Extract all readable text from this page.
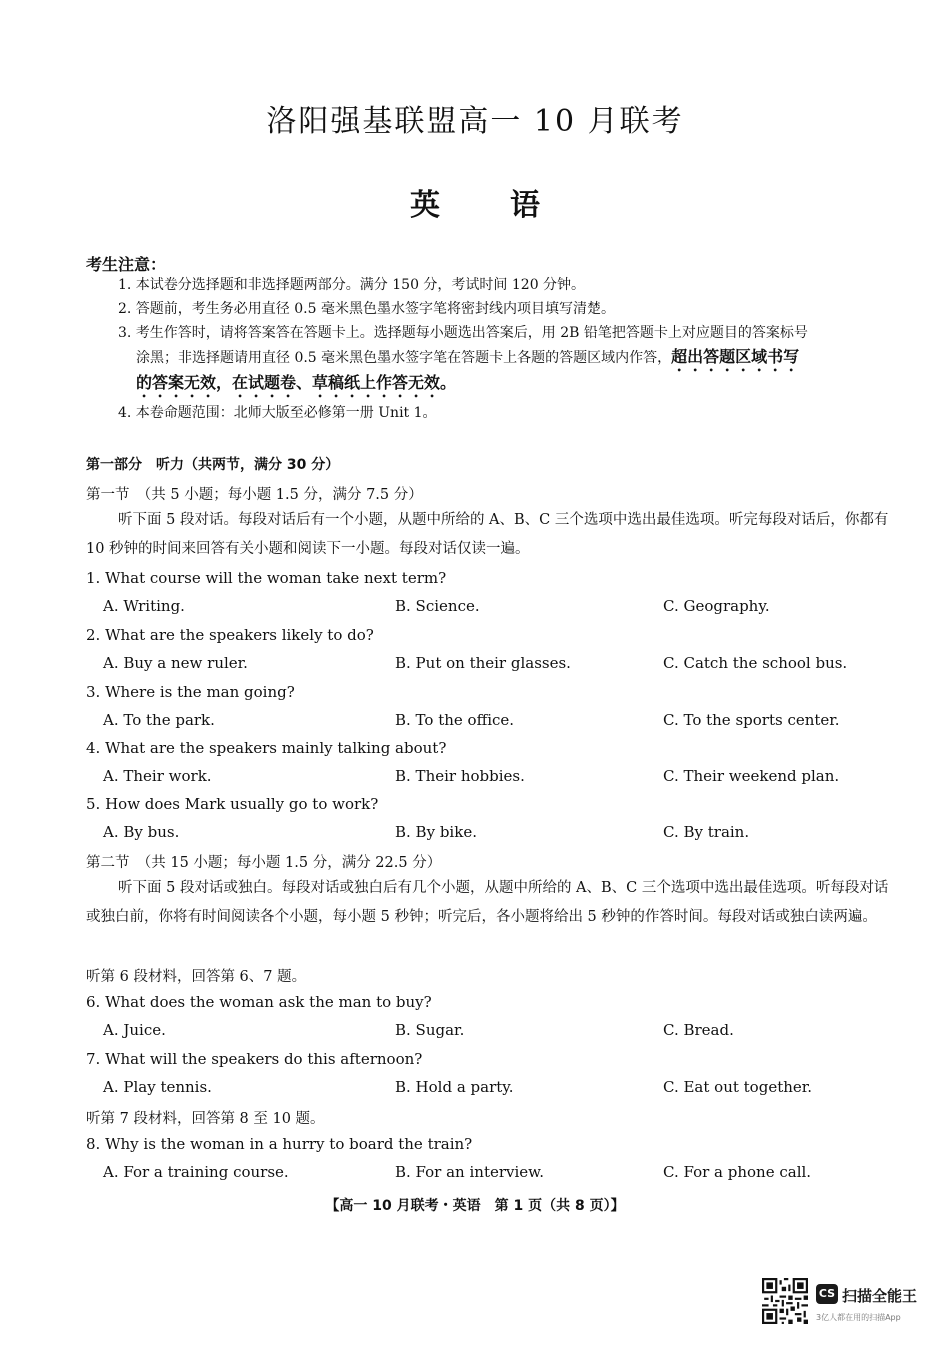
洛阳强基联盟高一 10 月联考
英 语
考生注意：
1. 本试卷分选择题和非选择题两部分。满分 150 分，考试时间 120 分钟。
2. 答题前，考生务必用直径 0.5 毫米黑色墨水签字笔将密封线内项目填写清楚。
3. 考生作答时，请将答案答在答题卡上。选择题每小题选出答案后，用 2B 铅笔把答题卡上对应题目的答案标号
涂黑；非选择题请用直径 0.5 毫米黑色墨水签字笔在答题卡上各题的答题区域内作答，超出答题区域书写
的答案无效，在试题卷、草稿纸上作答无效。
4. 本卷命题范围：北师大版至必修第一册 Unit 1。
第一部分　听力（共两节，满分 30 分）
第一节　（共 5 小题；每小题 1.5 分，满分 7.5 分）
听下面 5 段对话。每段对话后有一个小题，从题中所给的 A、B、C 三个选项中选出最佳选项。听完每段对话后，你都有 10 秒钟的时间来回答有关小题和阅读下一小题。每段对话仅读一遍。
1. What course will the woman take next term?
A. Writing.	B. Science.	C. Geography.
2. What are the speakers likely to do?
A. Buy a new ruler.	B. Put on their glasses.	C. Catch the school bus.
3. Where is the man going?
A. To the park.	B. To the office.	C. To the sports center.
4. What are the speakers mainly talking about?
A. Their work.	B. Their hobbies.	C. Their weekend plan.
5. How does Mark usually go to work?
A. By bus.	B. By bike.	C. By train.
第二节　（共 15 小题；每小题 1.5 分，满分 22.5 分）
听下面 5 段对话或独白。每段对话或独白后有几个小题，从题中所给的 A、B、C 三个选项中选出最佳选项。听每段对话或独白前，你将有时间阅读各个小题，每小题 5 秒钟；听完后，各小题将给出 5 秒钟的作答时间。每段对话或独白读两遍。
听第 6 段材料，回答第 6、7 题。
6. What does the woman ask the man to buy?
A. Juice.	B. Sugar.	C. Bread.
7. What will the speakers do this afternoon?
A. Play tennis.	B. Hold a party.	C. Eat out together.
听第 7 段材料，回答第 8 至 10 题。
8. Why is the woman in a hurry to board the train?
A. For a training course.	B. For an interview.	C. For a phone call.
【高一 10 月联考・英语　第 1 页（共 8 页）】
CS 扫描全能王
3亿人都在用的扫描App
